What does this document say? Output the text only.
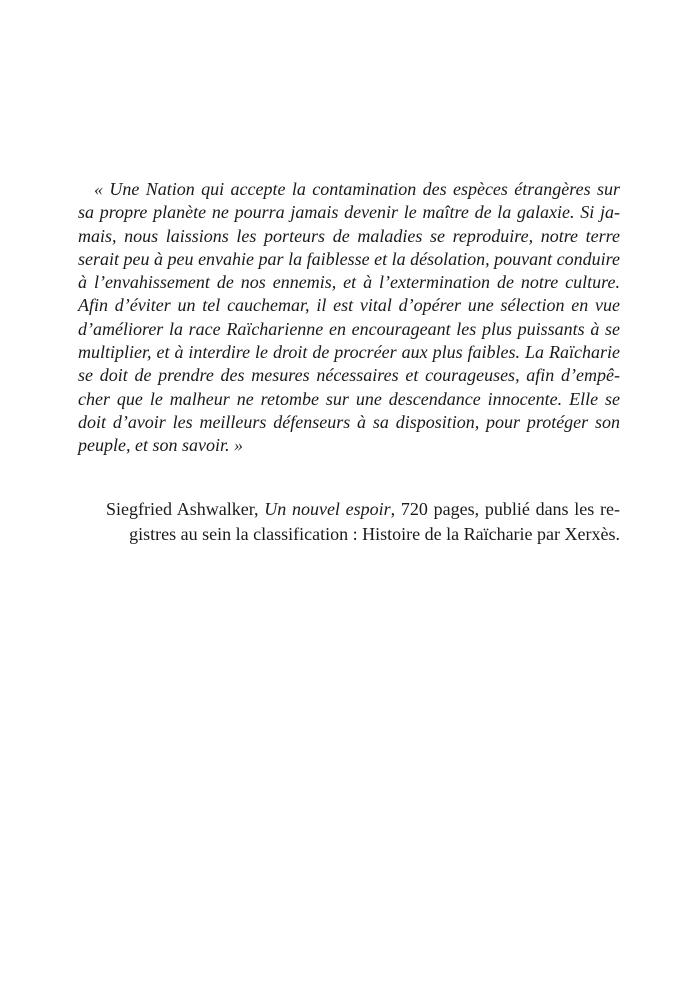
« Une Nation qui accepte la contamination des espèces étrangères sur
sa propre planète ne pourra jamais devenir le maître de la galaxie. Si ja-
mais, nous laissions les porteurs de maladies se reproduire, notre terre
serait peu à peu envahie par la faiblesse et la désolation, pouvant conduire
à l’envahissement de nos ennemis, et à l’extermination de notre culture.
Afin d’éviter un tel cauchemar, il est vital d’opérer une sélection en vue
d’améliorer la race Raïcharienne en encourageant les plus puissants à se
multiplier, et à interdire le droit de procréer aux plus faibles. La Raïcharie
se doit de prendre des mesures nécessaires et courageuses, afin d’empê-
cher que le malheur ne retombe sur une descendance innocente. Elle se
doit d’avoir les meilleurs défenseurs à sa disposition, pour protéger son
peuple, et son savoir. »
Siegfried Ashwalker, Un nouvel espoir, 720 pages, publié dans les re-
gistres au sein la classification : Histoire de la Raïcharie par Xerxès.
